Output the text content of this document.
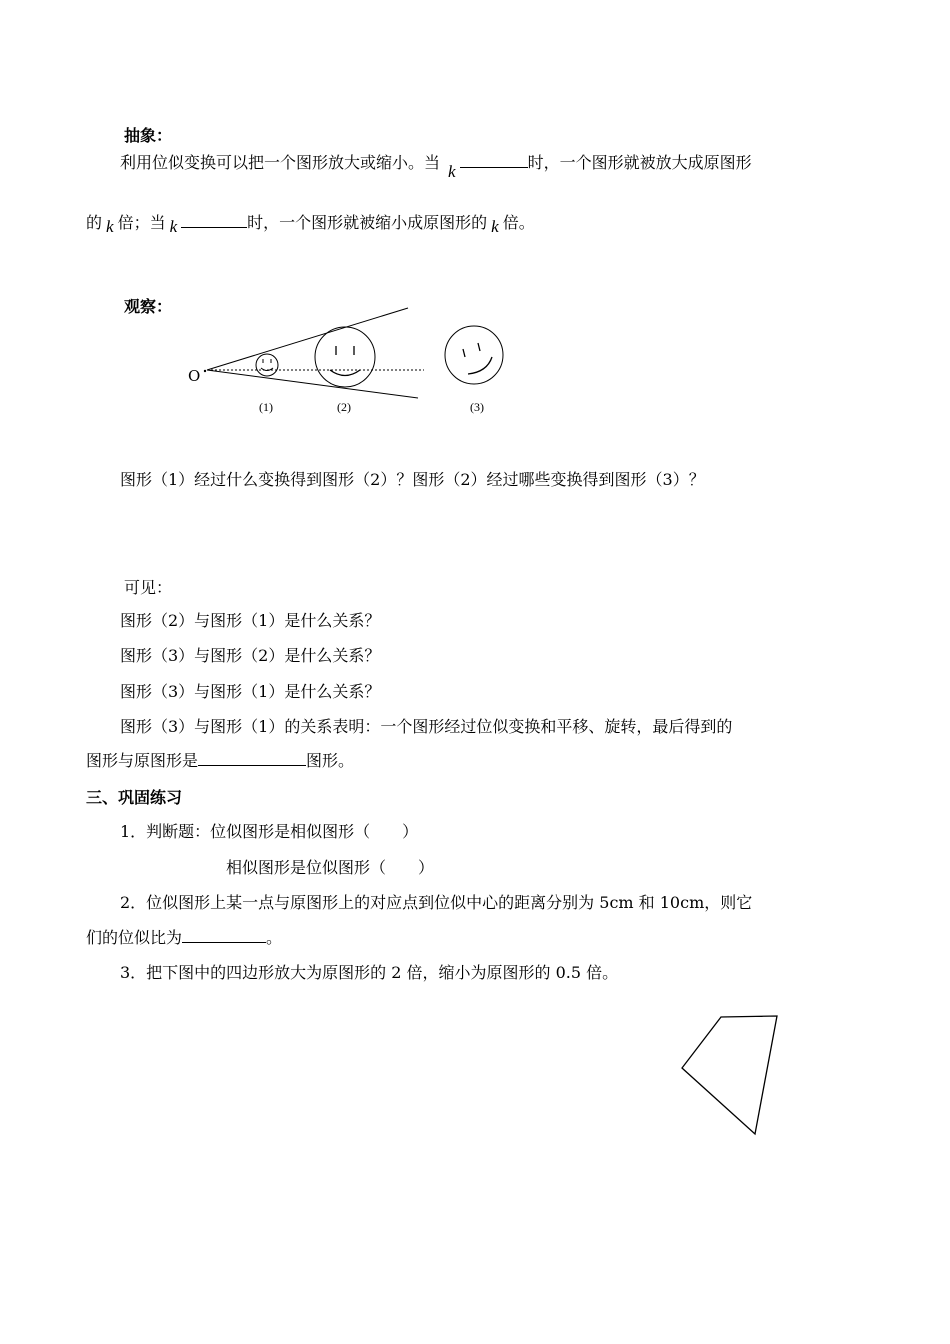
抽象：
利用位似变换可以把一个图形放大或缩小。当 k	时，一个图形就被放大成原图形
的 k 倍；当 k	时，一个图形就被缩小成原图形的 k 倍。
观察：
O
(1)	(2)	(3)
图形（1）经过什么变换得到图形（2）？图形（2）经过哪些变换得到图形（3）？
可见：
图形（2）与图形（1）是什么关系？
图形（3）与图形（2）是什么关系？
图形（3）与图形（1）是什么关系？
图形（3）与图形（1）的关系表明：一个图形经过位似变换和平移、旋转，最后得到的
图形与原图形是	图形。
三、巩固练习
1．判断题：位似图形是相似图形（　　）
相似图形是位似图形（　　）
2．位似图形上某一点与原图形上的对应点到位似中心的距离分别为 5cm 和 10cm，则它
们的位似比为	。
3．把下图中的四边形放大为原图形的 2 倍，缩小为原图形的 0.5 倍。
